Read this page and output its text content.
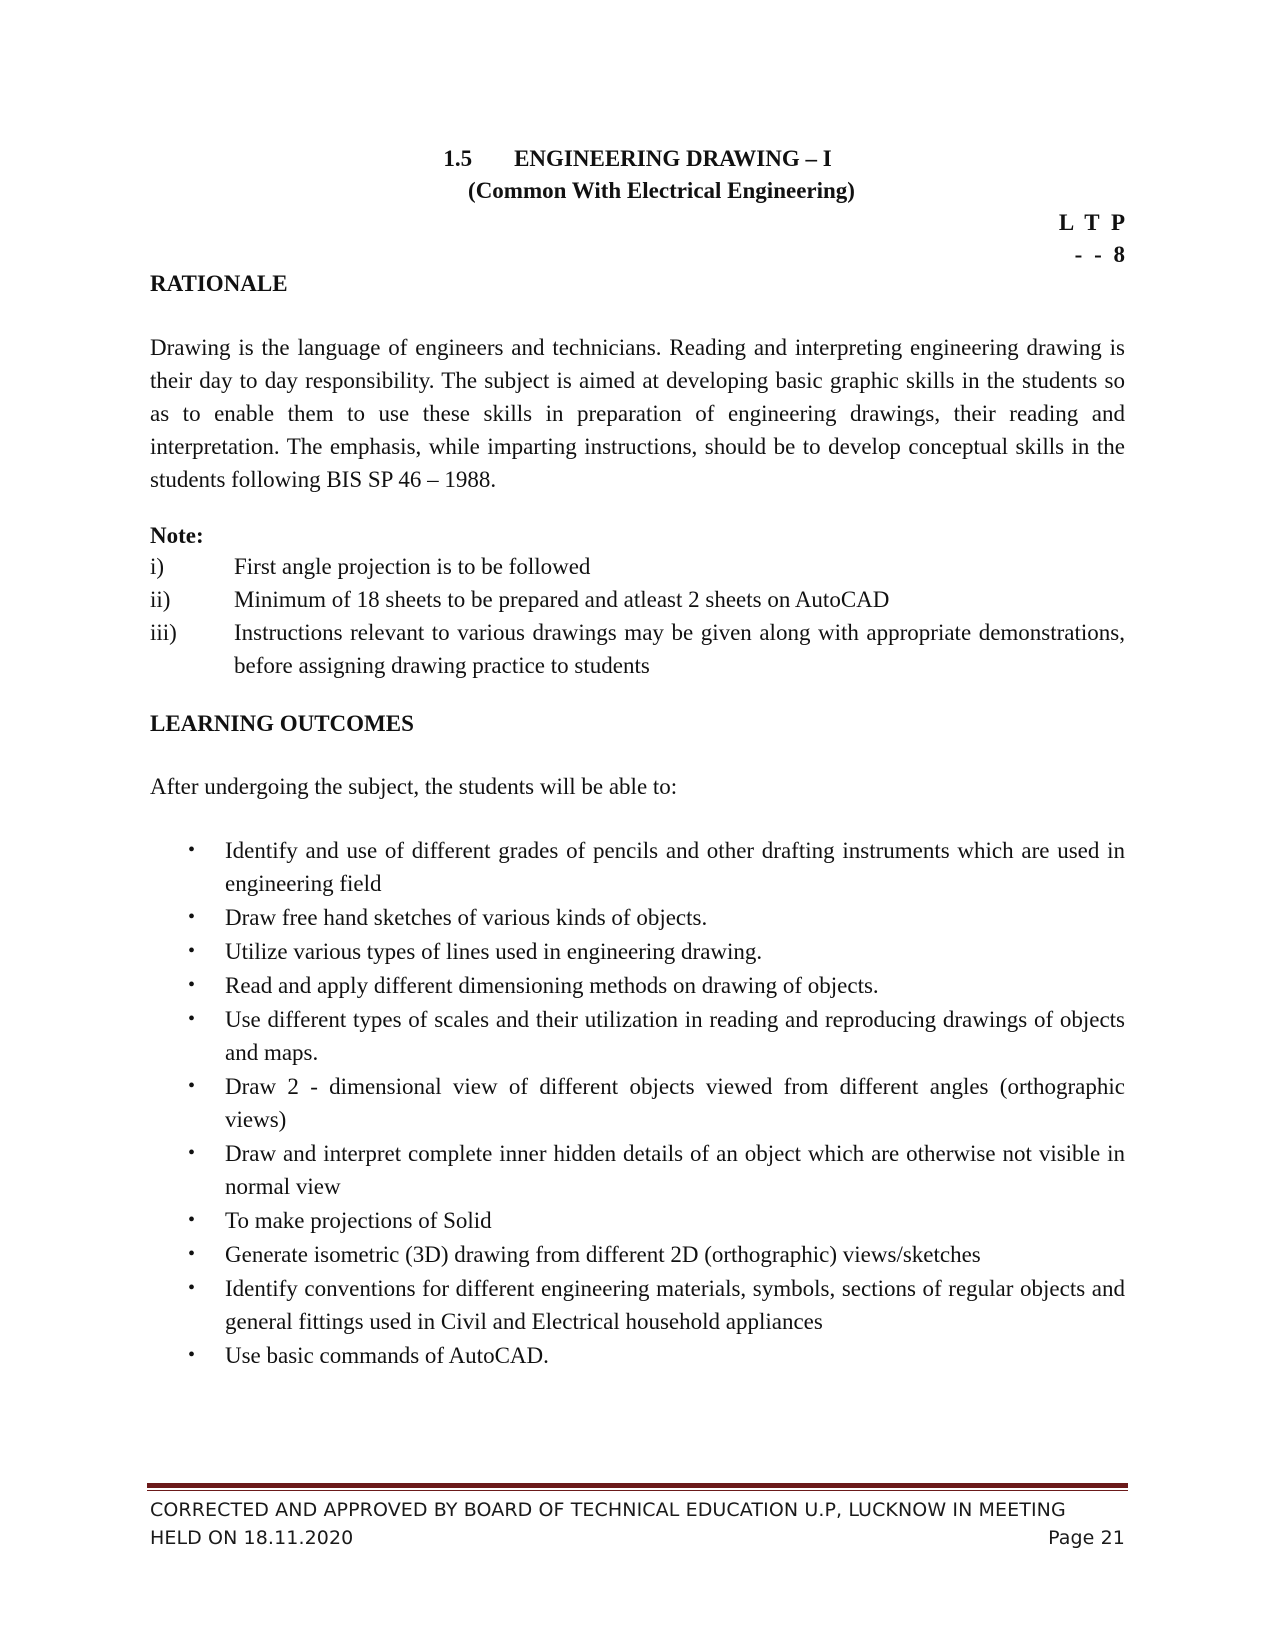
1.5 ENGINEERING DRAWING – I
(Common With Electrical Engineering)
L T P
- - 8
RATIONALE
Drawing is the language of engineers and technicians. Reading and interpreting engineering drawing is their day to day responsibility. The subject is aimed at developing basic graphic skills in the students so as to enable them to use these skills in preparation of engineering drawings, their reading and interpretation. The emphasis, while imparting instructions, should be to develop conceptual skills in the students following BIS SP 46 – 1988.
Note:
i)	First angle projection is to be followed
ii)	Minimum of 18 sheets to be prepared and atleast 2 sheets on AutoCAD
iii) Instructions relevant to various drawings may be given along with appropriate demonstrations, before assigning drawing practice to students
LEARNING OUTCOMES
After undergoing the subject, the students will be able to:
• Identify and use of different grades of pencils and other drafting instruments which are used in engineering field
• Draw free hand sketches of various kinds of objects.
• Utilize various types of lines used in engineering drawing.
• Read and apply different dimensioning methods on drawing of objects.
• Use different types of scales and their utilization in reading and reproducing drawings of objects and maps.
• Draw 2 - dimensional view of different objects viewed from different angles (orthographic views)
• Draw and interpret complete inner hidden details of an object which are otherwise not visible in normal view
• To make projections of Solid
• Generate isometric (3D) drawing from different 2D (orthographic) views/sketches
• Identify conventions for different engineering materials, symbols, sections of regular objects and general fittings used in Civil and Electrical household appliances
• Use basic commands of AutoCAD.
CORRECTED AND APPROVED BY BOARD OF TECHNICAL EDUCATION U.P, LUCKNOW IN MEETING
HELD ON 18.11.2020	Page 21
